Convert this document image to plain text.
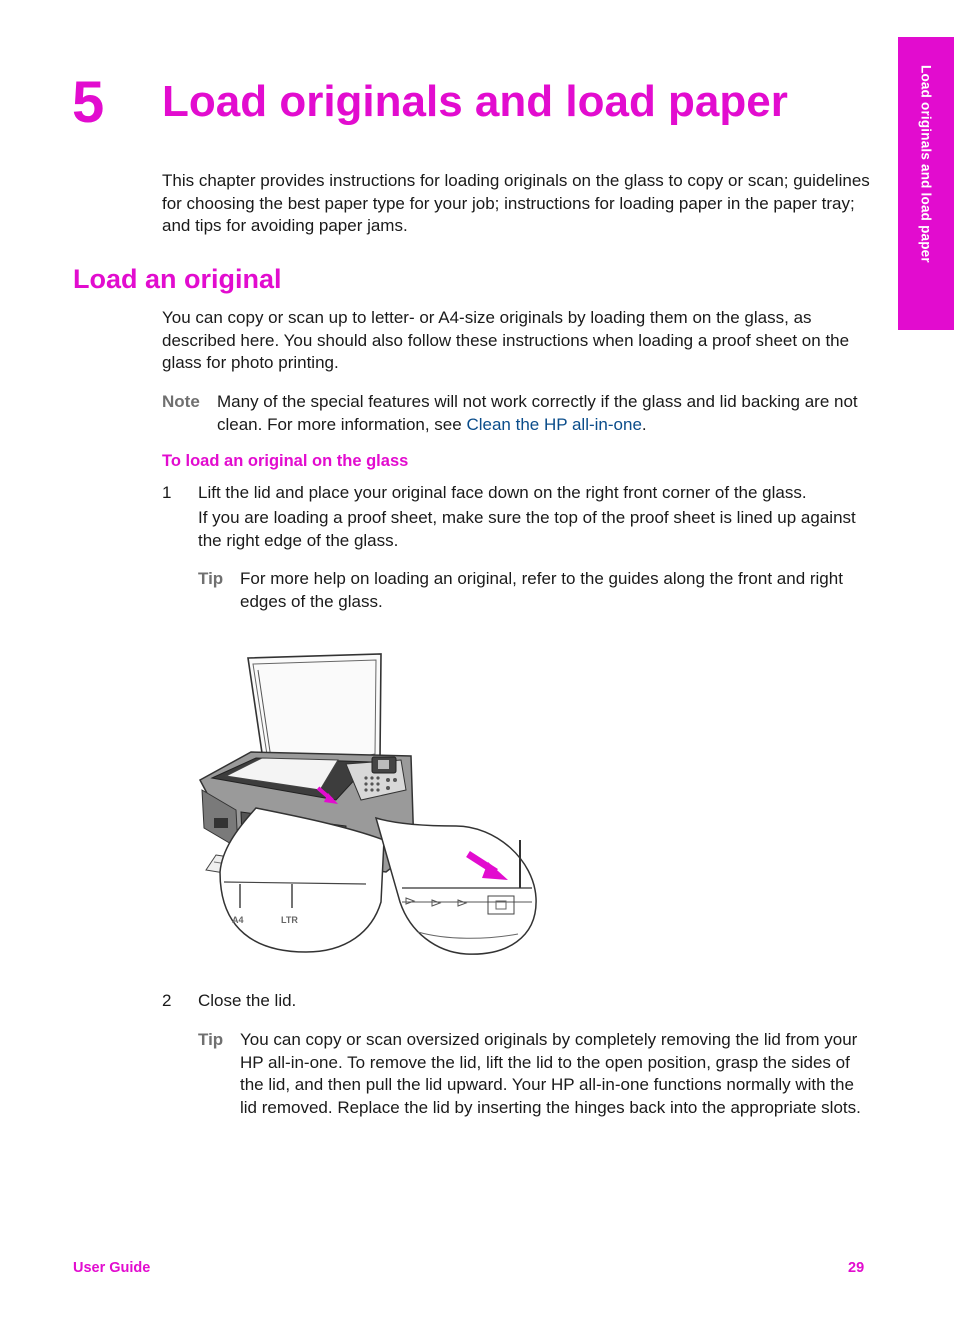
Load originals and load paper
5 Load originals and load paper
This chapter provides instructions for loading originals on the glass to copy or scan; guidelines for choosing the best paper type for your job; instructions for loading paper in the paper tray; and tips for avoiding paper jams.
Load an original
You can copy or scan up to letter- or A4-size originals by loading them on the glass, as described here. You should also follow these instructions when loading a proof sheet on the glass for photo printing.
Note Many of the special features will not work correctly if the glass and lid backing are not clean. For more information, see Clean the HP all-in-one.
To load an original on the glass
1 Lift the lid and place your original face down on the right front corner of the glass.
If you are loading a proof sheet, make sure the top of the proof sheet is lined up against the right edge of the glass.
Tip For more help on loading an original, refer to the guides along the front and right edges of the glass.
A4	LTR
2 Close the lid.
Tip You can copy or scan oversized originals by completely removing the lid from your HP all-in-one. To remove the lid, lift the lid to the open position, grasp the sides of the lid, and then pull the lid upward. Your HP all-in-one functions normally with the lid removed. Replace the lid by inserting the hinges back into the appropriate slots.
User Guide	29
